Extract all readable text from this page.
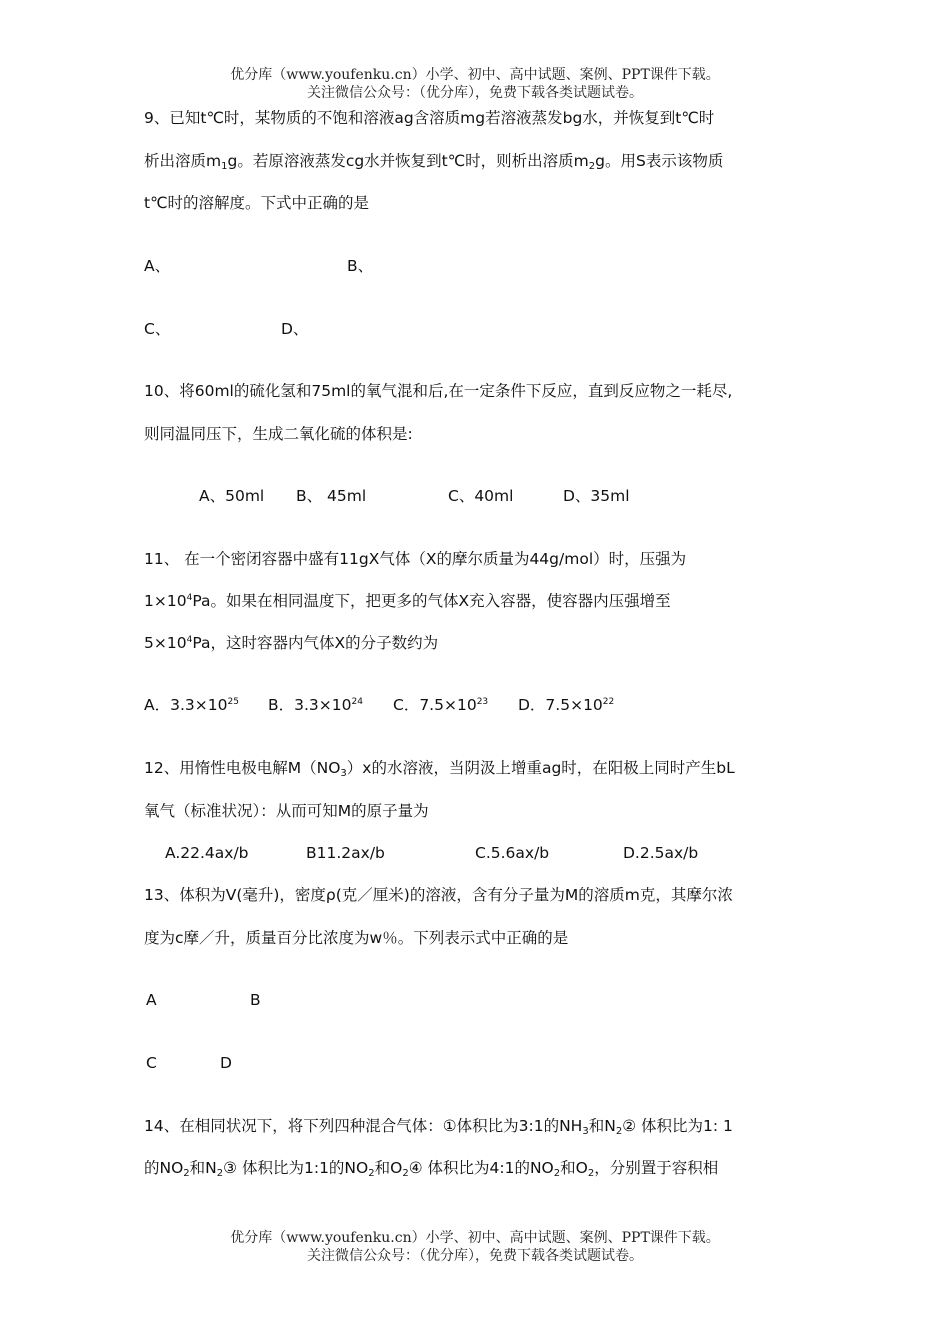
优分库（www.youfenku.cn）小学、初中、高中试题、案例、PPT课件下载。
关注微信公众号：（优分库），免费下载各类试题试卷。
9、已知t℃时，某物质的不饱和溶液ag含溶质mg若溶液蒸发bg水，并恢复到t℃时
析出溶质$m_1g$。若原溶液蒸发cg水并恢复到t℃时，则析出溶质$m_2g$。用S表示该物质
t℃时的溶解度。下式中正确的是
A、	B、
C、	D、
10、将60ml的硫化氢和75ml的氧气混和后,在一定条件下反应，直到反应物之一耗尽,
则同温同压下，生成二氧化硫的体积是:
A、50ml B、 45ml	C、40ml	D、35ml
11、 在一个密闭容器中盛有11gX气体（X的摩尔质量为44g/mol）时，压强为
$1\times 10^4Pa$。如果在相同温度下，把更多的气体X充入容器，使容器内压强增至
$5\times 10^4Pa$，这时容器内气体X的分子数约为
A．$3.3\times 10^{25}$ B．$3.3\times 10^{24}$ C．$7.5\times 10^{23}$ D．$7.5\times 10^{22}$
12、用惰性电极电解$M(NO_3)x$的水溶液，当阴汲上增重ag时，在阳极上同时产生bL
氧气（标准状况）：从而可知M的原子量为
A.22.4ax/b	B11.2ax/b	C.5.6ax/b	D.2.5ax/b
13、体积为V(毫升)，密度ρ(克／厘米)的溶液，含有分子量为M的溶质m克，其摩尔浓
度为c摩／升，质量百分比浓度为w％。下列表示式中正确的是
A	B
C	D
14、在相同状况下，将下列四种混合气体：①体积比为3:1的$NH_3$和$N_2②$ 体积比为1: 1
的$NO_2$和$N_2③$ 体积比为1:1的$NO_2$和$O_2④$ 体积比为4:1的$NO_2$和$O_2$，分别置于容积相
优分库（www.youfenku.cn）小学、初中、高中试题、案例、PPT课件下载。
关注微信公众号：（优分库），免费下载各类试题试卷。
